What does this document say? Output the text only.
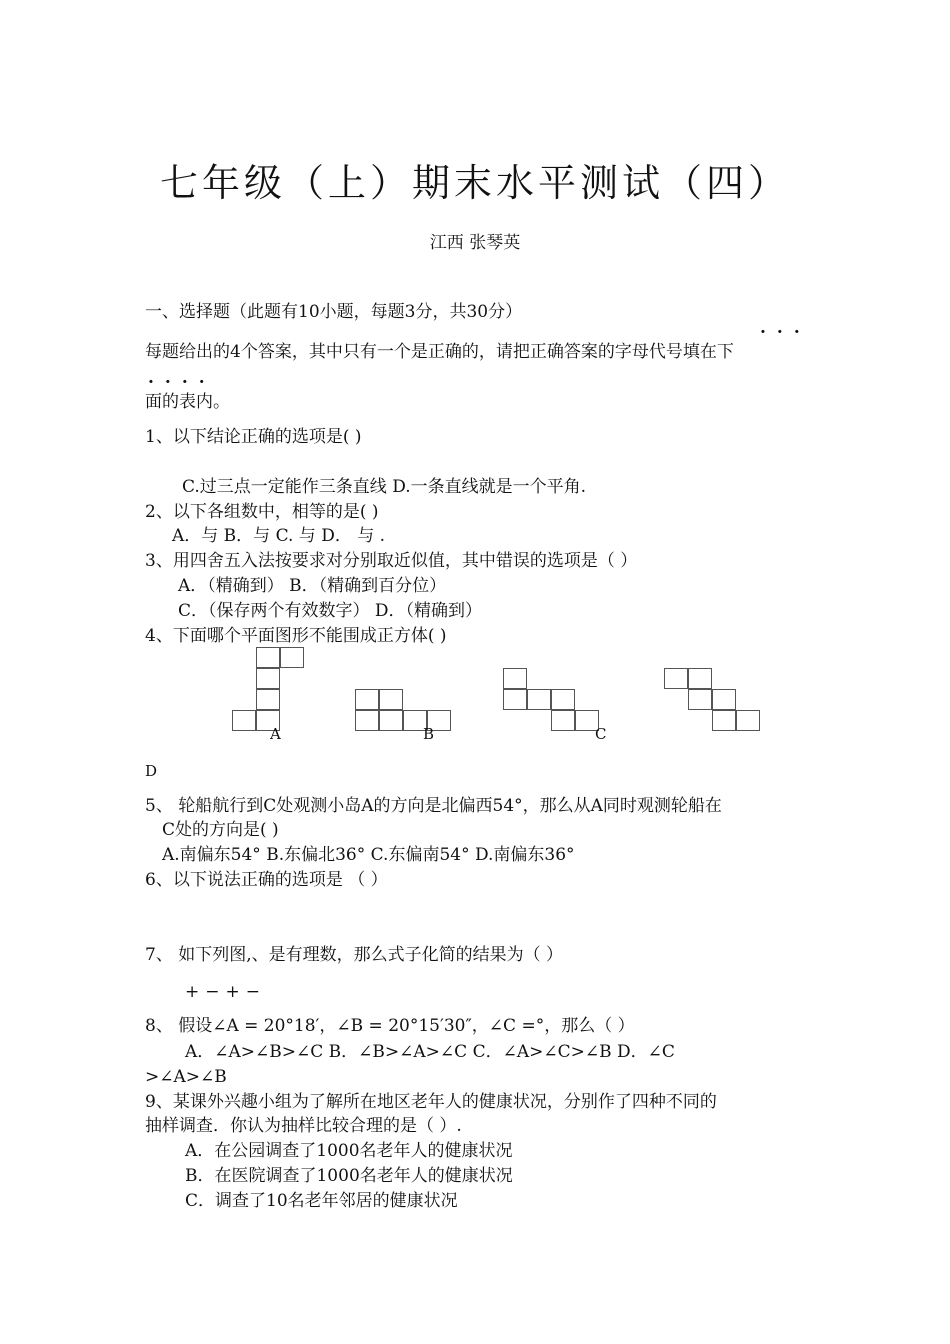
七年级（上）期末水平测试（四）
江西 张琴英
一、选择题（此题有10小题，每题3分，共30分）
...
每题给出的4个答案，其中只有一个是正确的，请把正确答案的字母代号填在下
....
面的表内。
1、以下结论正确的选项是( )
C.过三点一定能作三条直线 D.一条直线就是一个平角.
2、以下各组数中，相等的是( )
A．与 B．与 C. 与 D． 与 .
3、用四舍五入法按要求对分别取近似值，其中错误的选项是（ ）
A．（精确到） B．（精确到百分位）
C．（保存两个有效数字） D．（精确到）
4、下面哪个平面图形不能围成正方体( )
A	B	C
D
5、 轮船航行到C处观测小岛A的方向是北偏西54°，那么从A同时观测轮船在
C处的方向是( )
A.南偏东54° B.东偏北36° C.东偏南54° D.南偏东36°
6、以下说法正确的选项是 （ ）
7、 如下列图,、是有理数，那么式子化简的结果为（ ）
+−+−
8、 假设∠A = 20°18′，∠B = 20°15′30″，∠C =°，那么（ ）
A．∠A>∠B>∠C B．∠B>∠A>∠C C．∠A>∠C>∠B D．∠C
>∠A>∠B
9、某课外兴趣小组为了解所在地区老年人的健康状况，分别作了四种不同的
抽样调查．你认为抽样比较合理的是（ ）.
A．在公园调查了1000名老年人的健康状况
B．在医院调查了1000名老年人的健康状况
C．调查了10名老年邻居的健康状况
